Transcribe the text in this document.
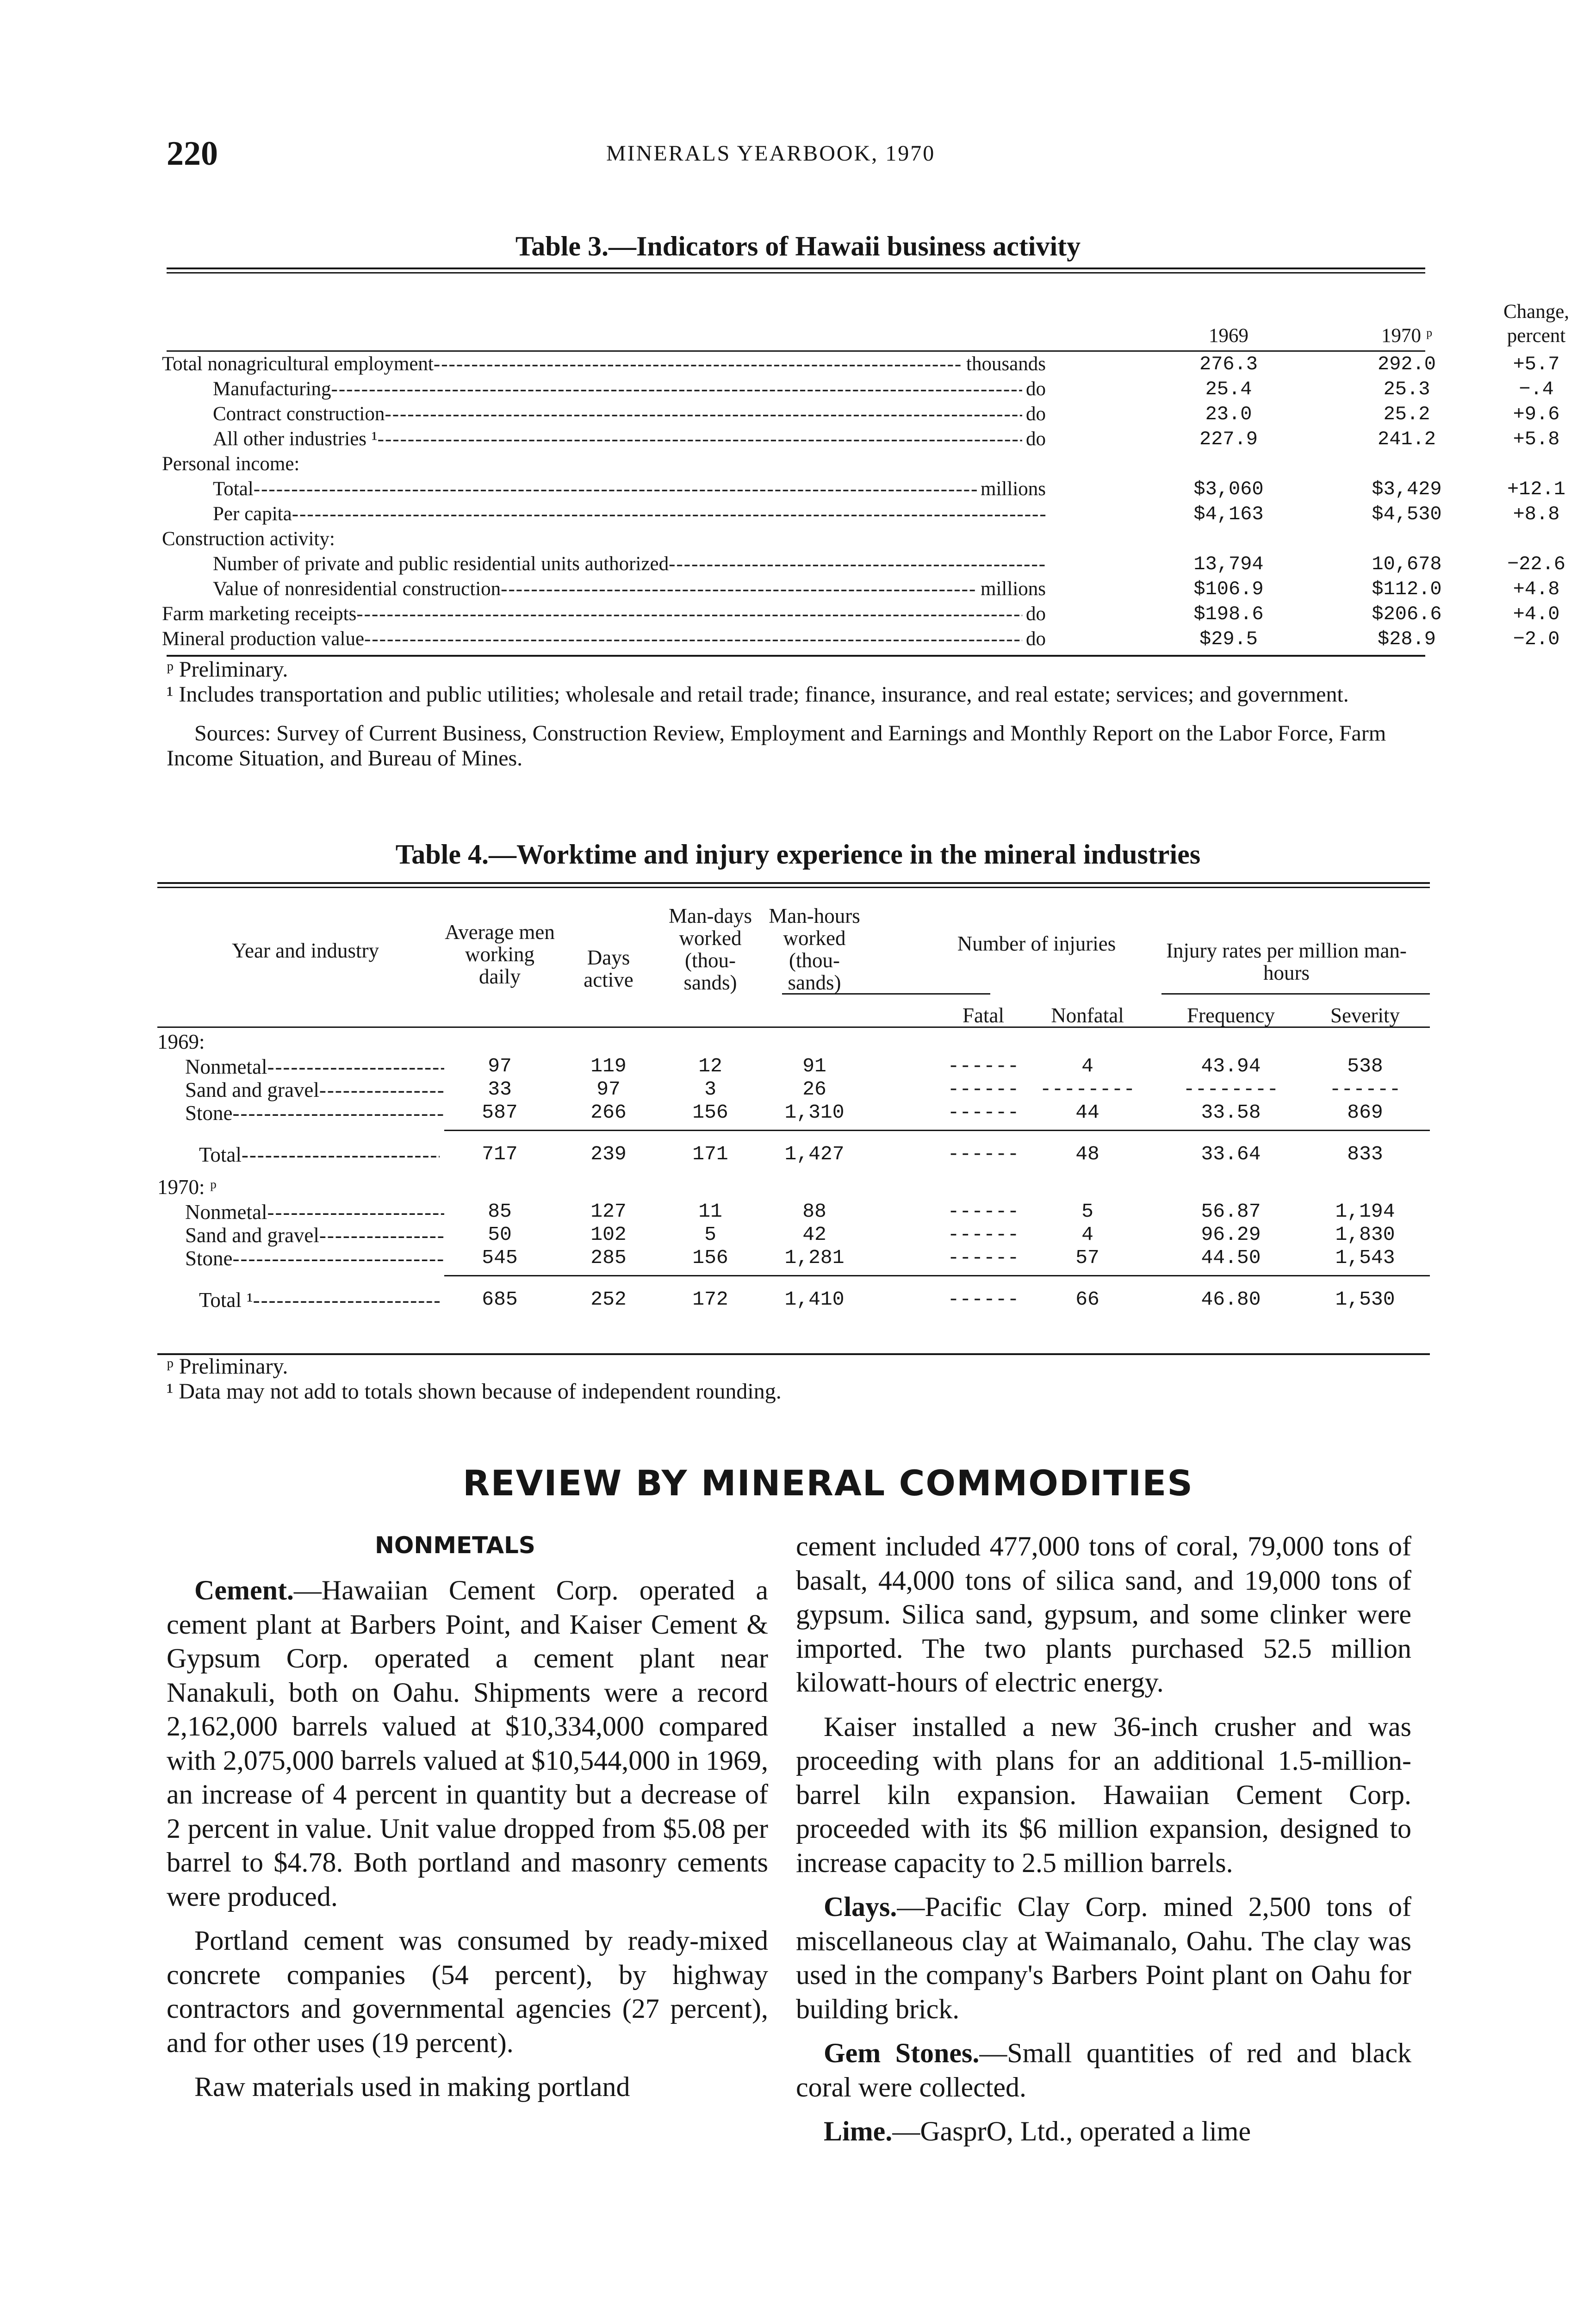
220	MINERALS YEARBOOK, 1970
Table 3.—Indicators of Hawaii business activity
1969	1970 ᵖ
Change, percent
Total nonagricultural employment -----	thousands	276.3	292.0	+5.7
Manufacturing -----	do	25.4	25.3	−.4
Contract construction -----	do	23.0	25.2	+9.6
All other industries ¹ -----	do	227.9	241.2	+5.8
Personal income:
Total -----	millions	$3,060	$3,429	+12.1
Per capita -----	$4,163	$4,530	+8.8
Construction activity:
Number of private and public residential units authorized -----	13,794	10,678	−22.6
Value of nonresidential construction -----	millions	$106.9	$112.0	+4.8
Farm marketing receipts -----	do	$198.6	$206.6	+4.0
Mineral production value -----	do	$29.5	$28.9	−2.0

ᵖ Preliminary.

¹ Includes transportation and public utilities; wholesale and retail trade; finance, insurance, and real estate; services; and government.

Sources: Survey of Current Business, Construction Review, Employment and Earnings and Monthly Report on the Labor Force, Farm Income Situation, and Bureau of Mines.

Table 4.—Worktime and injury experience in the mineral industries
Year and industry
Average men working daily
Days active
Man-days worked (thou-sands)
Man-hours worked (thou-sands)
Number of injuries
Fatal	Nonfatal
Injury rates per million man-hours
Frequency	Severity
1969:
Nonmetal -----	97	119	12	91	------	4	43.94	538
Sand and gravel -----	33	97	3	26	------	--------	--------	------
Stone -----	587	266	156	1,310	------	44	33.58	869
Total -----	717	239	171	1,427	------	48	33.64	833
1970: ᵖ
Nonmetal -----	85	127	11	88	------	5	56.87	1,194
Sand and gravel -----	50	102	5	42	------	4	96.29	1,830
Stone -----	545	285	156	1,281	------	57	44.50	1,543
Total ¹ -----	685	252	172	1,410	------	66	46.80	1,530

ᵖ Preliminary.

¹ Data may not add to totals shown because of independent rounding.

REVIEW BY MINERAL COMMODITIES
NONMETALS

Cement.—Hawaiian Cement Corp. operated a cement plant at Barbers Point, and Kaiser Cement & Gypsum Corp. operated a cement plant near Nanakuli, both on Oahu. Shipments were a record 2,162,000 barrels valued at $10,334,000 compared with 2,075,000 barrels valued at $10,544,000 in 1969, an increase of 4 percent in quantity but a decrease of 2 percent in value. Unit value dropped from $5.08 per barrel to $4.78. Both portland and masonry cements were produced.

Portland cement was consumed by ready-mixed concrete companies (54 percent), by highway contractors and governmental agencies (27 percent), and for other uses (19 percent).

Raw materials used in making portland

cement included 477,000 tons of coral, 79,000 tons of basalt, 44,000 tons of silica sand, and 19,000 tons of gypsum. Silica sand, gypsum, and some clinker were imported. The two plants purchased 52.5 million kilowatt-hours of electric energy.

Kaiser installed a new 36-inch crusher and was proceeding with plans for an additional 1.5-million-barrel kiln expansion. Hawaiian Cement Corp. proceeded with its $6 million expansion, designed to increase capacity to 2.5 million barrels.

Clays.—Pacific Clay Corp. mined 2,500 tons of miscellaneous clay at Waimanalo, Oahu. The clay was used in the company's Barbers Point plant on Oahu for building brick.

Gem Stones.—Small quantities of red and black coral were collected.

Lime.—GasprO, Ltd., operated a lime
